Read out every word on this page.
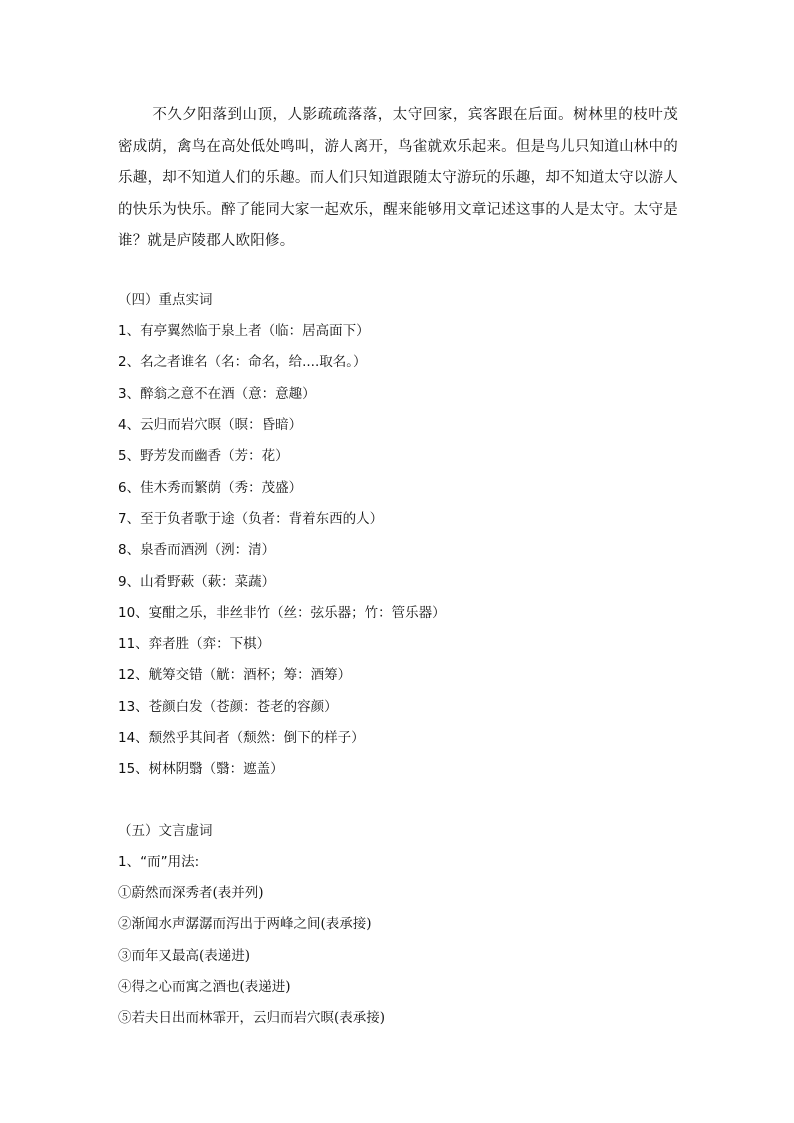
不久夕阳落到山顶，人影疏疏落落，太守回家，宾客跟在后面。树林里的枝叶茂密成荫，禽鸟在高处低处鸣叫，游人离开，鸟雀就欢乐起来。但是鸟儿只知道山林中的乐趣，却不知道人们的乐趣。而人们只知道跟随太守游玩的乐趣，却不知道太守以游人的快乐为快乐。醉了能同大家一起欢乐，醒来能够用文章记述这事的人是太守。太守是谁？就是庐陵郡人欧阳修。
（四）重点实词
1、有亭翼然临于泉上者（临：居高面下）
2、名之者谁名（名：命名，给....取名。）
3、醉翁之意不在酒（意：意趣）
4、云归而岩穴暝（暝：昏暗）
5、野芳发而幽香（芳：花）
6、佳木秀而繁荫（秀：茂盛）
7、至于负者歌于途（负者：背着东西的人）
8、泉香而酒洌（洌：清）
9、山肴野蔌（蔌：菜蔬）
10、宴酣之乐，非丝非竹（丝：弦乐器；竹：管乐器）
11、弈者胜（弈：下棋）
12、觥筹交错（觥：酒杯；筹：酒筹）
13、苍颜白发（苍颜：苍老的容颜）
14、颓然乎其间者（颓然：倒下的样子）
15、树林阴翳（翳：遮盖）
（五）文言虚词
1、“而”用法:
①蔚然而深秀者(表并列)
②渐闻水声潺潺而泻出于两峰之间(表承接)
③而年又最高(表递进)
④得之心而寓之酒也(表递进)
⑤若夫日出而林霏开，云归而岩穴暝(表承接)
